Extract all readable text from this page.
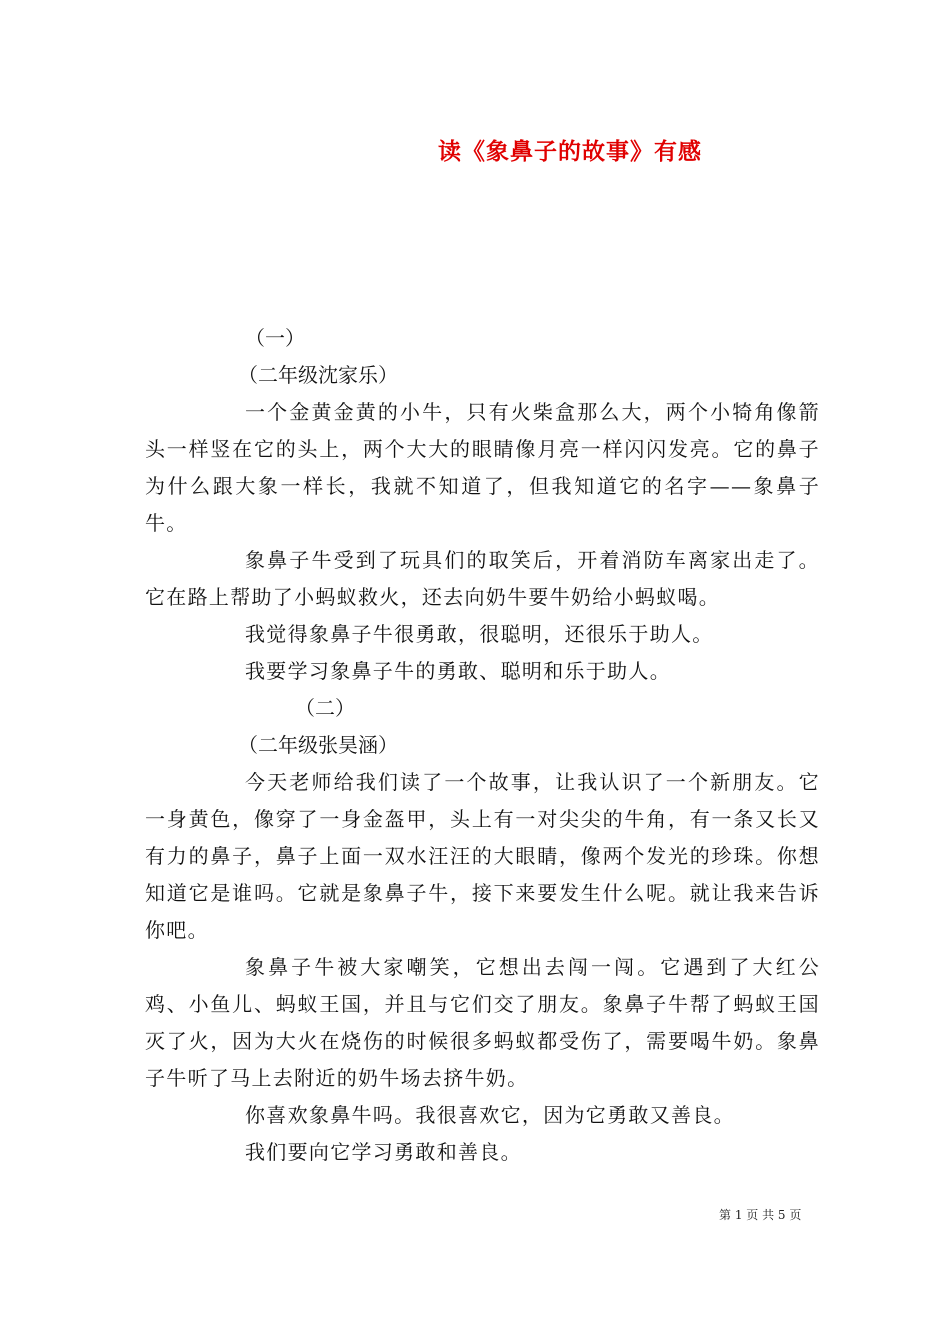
读《象鼻子的故事》有感

（一）

（二年级沈家乐）

一个金黄金黄的小牛，只有火柴盒那么大，两个小犄角像箭头一样竖在它的头上，两个大大的眼睛像月亮一样闪闪发亮。它的鼻子为什么跟大象一样长，我就不知道了，但我知道它的名字——象鼻子牛。

象鼻子牛受到了玩具们的取笑后，开着消防车离家出走了。它在路上帮助了小蚂蚁救火，还去向奶牛要牛奶给小蚂蚁喝。

我觉得象鼻子牛很勇敢，很聪明，还很乐于助人。

我要学习象鼻子牛的勇敢、聪明和乐于助人。

（二）

（二年级张昊涵）

今天老师给我们读了一个故事，让我认识了一个新朋友。它一身黄色，像穿了一身金盔甲，头上有一对尖尖的牛角，有一条又长又有力的鼻子，鼻子上面一双水汪汪的大眼睛，像两个发光的珍珠。你想知道它是谁吗。它就是象鼻子牛，接下来要发生什么呢。就让我来告诉你吧。

象鼻子牛被大家嘲笑，它想出去闯一闯。它遇到了大红公鸡、小鱼儿、蚂蚁王国，并且与它们交了朋友。象鼻子牛帮了蚂蚁王国灭了火，因为大火在烧伤的时候很多蚂蚁都受伤了，需要喝牛奶。象鼻子牛听了马上去附近的奶牛场去挤牛奶。

你喜欢象鼻牛吗。我很喜欢它，因为它勇敢又善良。

我们要向它学习勇敢和善良。

第 1 页 共 5 页
